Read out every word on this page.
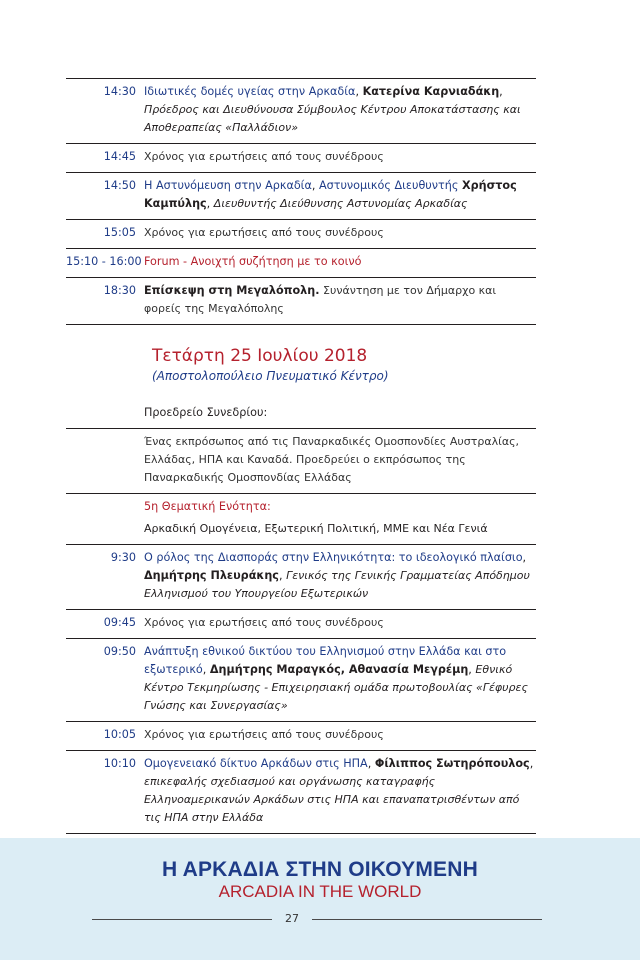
14:30 Ιδιωτικές δομές υγείας στην Αρκαδία, Κατερίνα Καρνιαδάκη,
Πρόεδρος και Διευθύνουσα Σύμβουλος Κέντρου Αποκατάστασης και Αποθεραπείας «Παλλάδιον»
14:45 Χρόνος για ερωτήσεις από τους συνέδρους
14:50 Η Αστυνόμευση στην Αρκαδία, Αστυνομικός Διευθυντής Χρήστος Καμπύλης, Διευθυντής Διεύθυνσης Αστυνομίας Αρκαδίας
15:05 Χρόνος για ερωτήσεις από τους συνέδρους
15:10 - 16:00 Forum - Ανοιχτή συζήτηση με το κοινό
18:30 Επίσκεψη στη Μεγαλόπολη. Συνάντηση με τον Δήμαρχο και φορείς της Μεγαλόπολης
Τετάρτη 25 Ιουλίου 2018
(Αποστολοπούλειο Πνευματικό Κέντρο)
Προεδρείο Συνεδρίου:
Ένας εκπρόσωπος από τις Παναρκαδικές Ομοσπονδίες Αυστραλίας, Ελλάδας, ΗΠΑ και Καναδά. Προεδρεύει ο εκπρόσωπος της Παναρκαδικής Ομοσπονδίας Ελλάδας
5η Θεματική Ενότητα:
Αρκαδική Ομογένεια, Εξωτερική Πολιτική, ΜΜΕ και Νέα Γενιά
9:30 Ο ρόλος της Διασποράς στην Ελληνικότητα: το ιδεολογικό πλαίσιο,
Δημήτρης Πλευράκης, Γενικός της Γενικής Γραμματείας Απόδημου Ελληνισμού του Υπουργείου Εξωτερικών
09:45 Χρόνος για ερωτήσεις από τους συνέδρους
09:50 Ανάπτυξη εθνικού δικτύου του Ελληνισμού στην Ελλάδα και στο εξωτερικό, Δημήτρης Μαραγκός, Αθανασία Μεγρέμη, Εθνικό Κέντρο Τεκμηρίωσης - Επιχειρησιακή ομάδα πρωτοβουλίας «Γέφυρες Γνώσης και Συνεργασίας»
10:05 Χρόνος για ερωτήσεις από τους συνέδρους
10:10 Ομογενειακό δίκτυο Αρκάδων στις ΗΠΑ, Φίλιππος Σωτηρόπουλος,
επικεφαλής σχεδιασμού και οργάνωσης καταγραφής Ελληνοαμερικανών Αρκάδων στις ΗΠΑ και επαναπατρισθέντων από τις ΗΠΑ στην Ελλάδα
Η ΑΡΚΑΔΙΑ ΣΤΗΝ ΟΙΚΟΥΜΕΝΗ
ARCADIA IN THE WORLD
27
